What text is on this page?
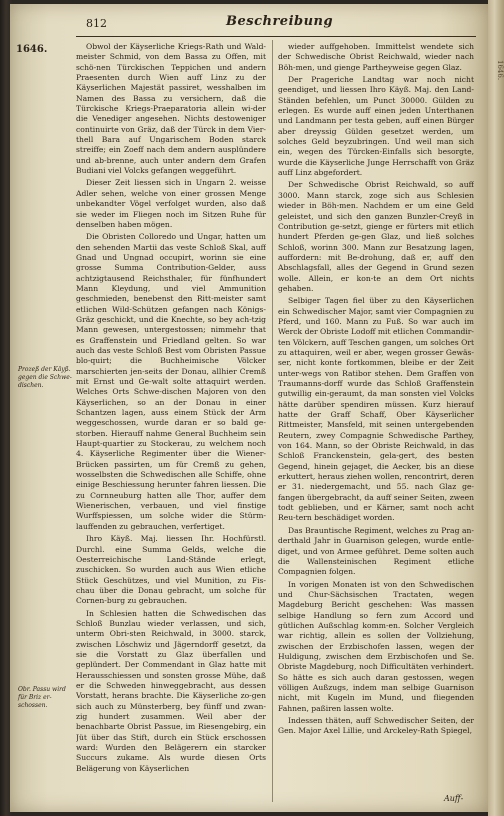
1646.
812	Beschreibung
1646.	Obwol der Käyserliche Kriegs-Rath und Wald-meister Schmid, von dem Bassa zu Offen, mit schö-nen Türckischen Teppichen und andern Praesenten durch Wien auff Linz zu der Käyserlichen Majestät passiret, wesshalben im Namen des Bassa zu versichern, daß die Türckische Kriegs-Praeparatoria allein wi-der die Venediger angesehen. Nichts destoweniger continuirte von Gräz, daß der Türck in dem Vier-thell Bara auf Ungarischem Boden starck streiffe; ein Zoeff nach dem andern ausplündere und ab-brenne, auch unter andern dem Grafen Budiani viel Volcks gefangen weggeführt.

Dieser Zeit liessen sich in Ungarn 2. weisse Adler sehen, welche von einer grossen Menge unbekandter Vögel verfolget wurden, also daß sie weder im Fliegen noch im Sitzen Ruhe für denselben haben mögen.

Die Obristen Colloredo und Ungar, hatten um den sehenden Martii das veste Schloß Skal, auff Gnad und Ungnad occupirt, worinn sie eine grosse Summa Contribution-Gelder, auss achtzigtausend Reichsthaler, für fünfhundert Mann Kleydung, und viel Ammunition geschmieden, benebenst den Ritt-meister samt etlichen Wild-Schützen gefangen nach Königs-Gräz geschickt, und die Knechte, so bey ach-tzig Mann gewesen, untergestossen; nimmehr that es Graffenstein und Friedland gelten. So war auch das veste Schloß Best vom Obristen Passue blo-quirt; die Buchheimische Völcker marschierten jen-seits der Donau, allhier Cremß mit Ernst und Ge-walt solte attaquirt werden. Welches Orts Schwe-dischen Majoren von den Käyserlichen, so an der Donau in einer Schantzen lagen, auss einem Stück der Arm weggeschossen, wurde daran er so bald ge-storben. Hierauff nahme General Buchheim sein Haupt-quartier zu Stockerau, zu welchem noch 4. Käyserliche Regimenter über die Wiener-Brücken passirten, um für Cremß zu gehen, wosselbsten die Schwedischen alle Schiffe, ohne einige Beschiessung herunter fahren liessen. Die zu Cornneuburg hatten alle Thor, auffer dem Wienerischen, verbauen, und viel finstige Wurffspiessen, um solche wider die Stürm-lauffenden zu gebrauchen, verfertiget.

Ihro Käyß. Maj. liessen Ihr. Hochfürstl. Durchl. eine Summa Gelds, welche die Oesterreichische Land-Stände erlegt, zuschicken. So wurden auch aus Wien etliche Stück Geschützes, und viel Munition, zu Fis-chau über die Donau gebracht, um solche für Cornen-burg zu gebrauchen.

In Schlesien hatten die Schwedischen das Schloß Bunzlau wieder verlassen, und sich, unterm Obri-sten Reichwald, in 3000. starck, zwischen Löschwiz und Jägerndorff gesetzt, da sie die Vorstatt zu Glaz überfallen und geplündert. Der Commendant in Glaz hatte mit Herausschiessen und sonsten grosse Mühe, daß er die Schweden hinweggebracht, aus dessen Vorstatt, herans brachte. Die Käyserliche zo-gen sich auch zu Münsterberg, bey fünff und zwan-zig hundert zusammen. Weil aber der benachbarte Obrist Passue, im Riesengebirg, ein Jüt über das Stift, durch ein Stück erschossen ward: Wurden den Belägerern ein starcker Succurs zukame. Als wurde diesen Orts Belägerung von Käyserlichen

wieder auffgehoben. Immittelst wendete sich der Schwedische Obrist Reichwald, wieder nach Böh-men, und gienge Partheyweise gegen Glaz.

Der Prageriche Landtag war noch nicht geendiget, und liessen Ihro Käyß. Maj. den Land-Ständen befehlen, um Punct 30000. Gülden zu erlegen. Es wurde auff einen jeden Unterthanen und Landmann per testa geben, auff einen Bürger aber dreyssig Gülden gesetzet werden, um solches Geld beyzubringen. Und weil man sich ein, wegen des Türcken-Einfalls sich besorgte, wurde die Käyserliche Junge Herrschafft von Gräz auff Linz abgefordert.

Der Schwedische Obrist Reichwald, so auff 3000. Mann starck, zoge sich aus Schlesien wieder in Böh-men. Nachdem er um eine Geld geleistet, und sich den ganzen Bunzler-Creyß in Contribution ge-setzt, gienge er fürters mit etlich hundert Pferden ge-gen Glaz, und ließ solches Schloß, worinn 300. Mann zur Besatzung lagen, auffordern: mit Be-drohung, daß er, auff den Abschlagsfall, alles der Gegend in Grund sezen wolle. Allein, er kon-te an dem Ort nichts gehaben.

Selbiger Tagen fiel über zu den Käyserlichen ein Schwedischer Major, samt vier Compagnien zu Pferd, und 160. Mann zu Fuß. So war auch im Werck der Obriste Lodoff mit etlichen Commandir-ten Völckern, auff Teschen gangen, um solches Ort zu attaquiren, weil er aber, wegen grosser Gewäs-ser, nicht konte fortkommen, bleibe er der Zeit unter-wegs von Ratibor stehen. Dem Graffen von Traumanns-dorff wurde das Schloß Graffenstein gutwillig ein-geraumt, da man sonsten viel Volcks hätte darüber spendiren müssen. Kurz hierauf hatte der Graff Schaff, Ober Käyserlicher Rittmeister, Mansfeld, mit seinen untergebenden Reutern, zwey Compagnie Schwedische Parthey, von 164. Mann, so der Obriste Reichwald, in das Schloß Franckenstein, gela-gert, des besten Gegend, hinein gejaget, die Aecker, bis an diese erkuttert, heraus ziehen wollen, rencontrirt, deren er 31. niedergemacht, und 55. nach Glaz ge-fangen übergebracht, da auff seiner Seiten, zween todt geblieben, und er Kärner, samt noch acht Reu-tern beschädiget worden.

Das Brauntische Regiment, welches zu Prag an-derthald Jahr in Guarnison gelegen, wurde entle-diget, und von Armee geführet. Deme solten auch die Wallensteinischen Regiment etliche Compagnien folgen.

In vorigen Monaten ist von den Schwedischen und Chur-Sächsischen Tractaten, wegen Magdeburg Bericht geschehen: Was massen selbige Handlung so fern zum Accord und gütlichen Außschlag komm-en. Solcher Vergleich war richtig, allein es sollen der Vollziehung, zwischen der Erzbischofen lassen, wegen der Huldigung, zwischen dem Erzbischofen und Se. Obriste Magdeburg, noch Difficultäten verhindert. So hätte es sich auch daran gestossen, wegen völligen Außzugs, indem man selbige Guarnison nicht, mit Kugeln im Mund, und fliegenden Fahnen, paßiren lassen wolte.

Indessen thäten, auff Schwedischer Seiten, der Gen. Major Axel Lillie, und Arckeley-Rath Spiegel,

Prozeß der Käyß. gegen die Schwe-dischen.
Obr. Passu wird für Briz er-schossen.
Auff-
